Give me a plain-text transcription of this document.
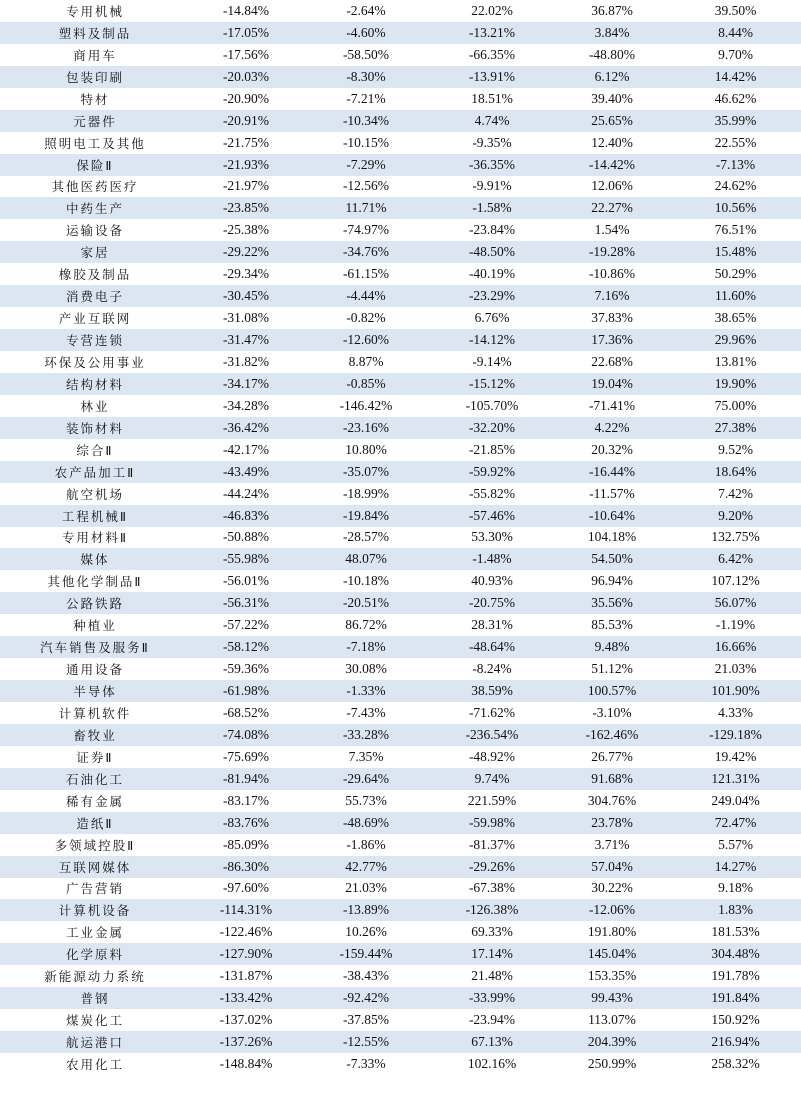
专用机械	-14.84%	-2.64%	22.02%	36.87%	39.50%	
塑料及制品	-17.05%	-4.60%	-13.21%	3.84%	8.44%	
商用车	-17.56%	-58.50%	-66.35%	-48.80%	9.70%	
包装印刷	-20.03%	-8.30%	-13.91%	6.12%	14.42%	
特材	-20.90%	-7.21%	18.51%	39.40%	46.62%	
元器件	-20.91%	-10.34%	4.74%	25.65%	35.99%	
照明电工及其他	-21.75%	-10.15%	-9.35%	12.40%	22.55%	
保险Ⅱ	-21.93%	-7.29%	-36.35%	-14.42%	-7.13%	
其他医药医疗	-21.97%	-12.56%	-9.91%	12.06%	24.62%	
中药生产	-23.85%	11.71%	-1.58%	22.27%	10.56%	
运输设备	-25.38%	-74.97%	-23.84%	1.54%	76.51%	
家居	-29.22%	-34.76%	-48.50%	-19.28%	15.48%	
橡胶及制品	-29.34%	-61.15%	-40.19%	-10.86%	50.29%	
消费电子	-30.45%	-4.44%	-23.29%	7.16%	11.60%	
产业互联网	-31.08%	-0.82%	6.76%	37.83%	38.65%	
专营连锁	-31.47%	-12.60%	-14.12%	17.36%	29.96%	
环保及公用事业	-31.82%	8.87%	-9.14%	22.68%	13.81%	
结构材料	-34.17%	-0.85%	-15.12%	19.04%	19.90%	
林业	-34.28%	-146.42%	-105.70%	-71.41%	75.00%	
装饰材料	-36.42%	-23.16%	-32.20%	4.22%	27.38%	
综合Ⅱ	-42.17%	10.80%	-21.85%	20.32%	9.52%	
农产品加工Ⅱ	-43.49%	-35.07%	-59.92%	-16.44%	18.64%	
航空机场	-44.24%	-18.99%	-55.82%	-11.57%	7.42%	
工程机械Ⅱ	-46.83%	-19.84%	-57.46%	-10.64%	9.20%	
专用材料Ⅱ	-50.88%	-28.57%	53.30%	104.18%	132.75%	
媒体	-55.98%	48.07%	-1.48%	54.50%	6.42%	
其他化学制品Ⅱ	-56.01%	-10.18%	40.93%	96.94%	107.12%	
公路铁路	-56.31%	-20.51%	-20.75%	35.56%	56.07%	
种植业	-57.22%	86.72%	28.31%	85.53%	-1.19%	
汽车销售及服务Ⅱ	-58.12%	-7.18%	-48.64%	9.48%	16.66%	
通用设备	-59.36%	30.08%	-8.24%	51.12%	21.03%	
半导体	-61.98%	-1.33%	38.59%	100.57%	101.90%	
计算机软件	-68.52%	-7.43%	-71.62%	-3.10%	4.33%	
畜牧业	-74.08%	-33.28%	-236.54%	-162.46%	-129.18%	
证券Ⅱ	-75.69%	7.35%	-48.92%	26.77%	19.42%	
石油化工	-81.94%	-29.64%	9.74%	91.68%	121.31%	
稀有金属	-83.17%	55.73%	221.59%	304.76%	249.04%	
造纸Ⅱ	-83.76%	-48.69%	-59.98%	23.78%	72.47%	
多领域控股Ⅱ	-85.09%	-1.86%	-81.37%	3.71%	5.57%	
互联网媒体	-86.30%	42.77%	-29.26%	57.04%	14.27%	
广告营销	-97.60%	21.03%	-67.38%	30.22%	9.18%	
计算机设备	-114.31%	-13.89%	-126.38%	-12.06%	1.83%	
工业金属	-122.46%	10.26%	69.33%	191.80%	181.53%	
化学原料	-127.90%	-159.44%	17.14%	145.04%	304.48%	
新能源动力系统	-131.87%	-38.43%	21.48%	153.35%	191.78%	
普钢	-133.42%	-92.42%	-33.99%	99.43%	191.84%	
煤炭化工	-137.02%	-37.85%	-23.94%	113.07%	150.92%	
航运港口	-137.26%	-12.55%	67.13%	204.39%	216.94%	
农用化工	-148.84%	-7.33%	102.16%	250.99%	258.32%	
